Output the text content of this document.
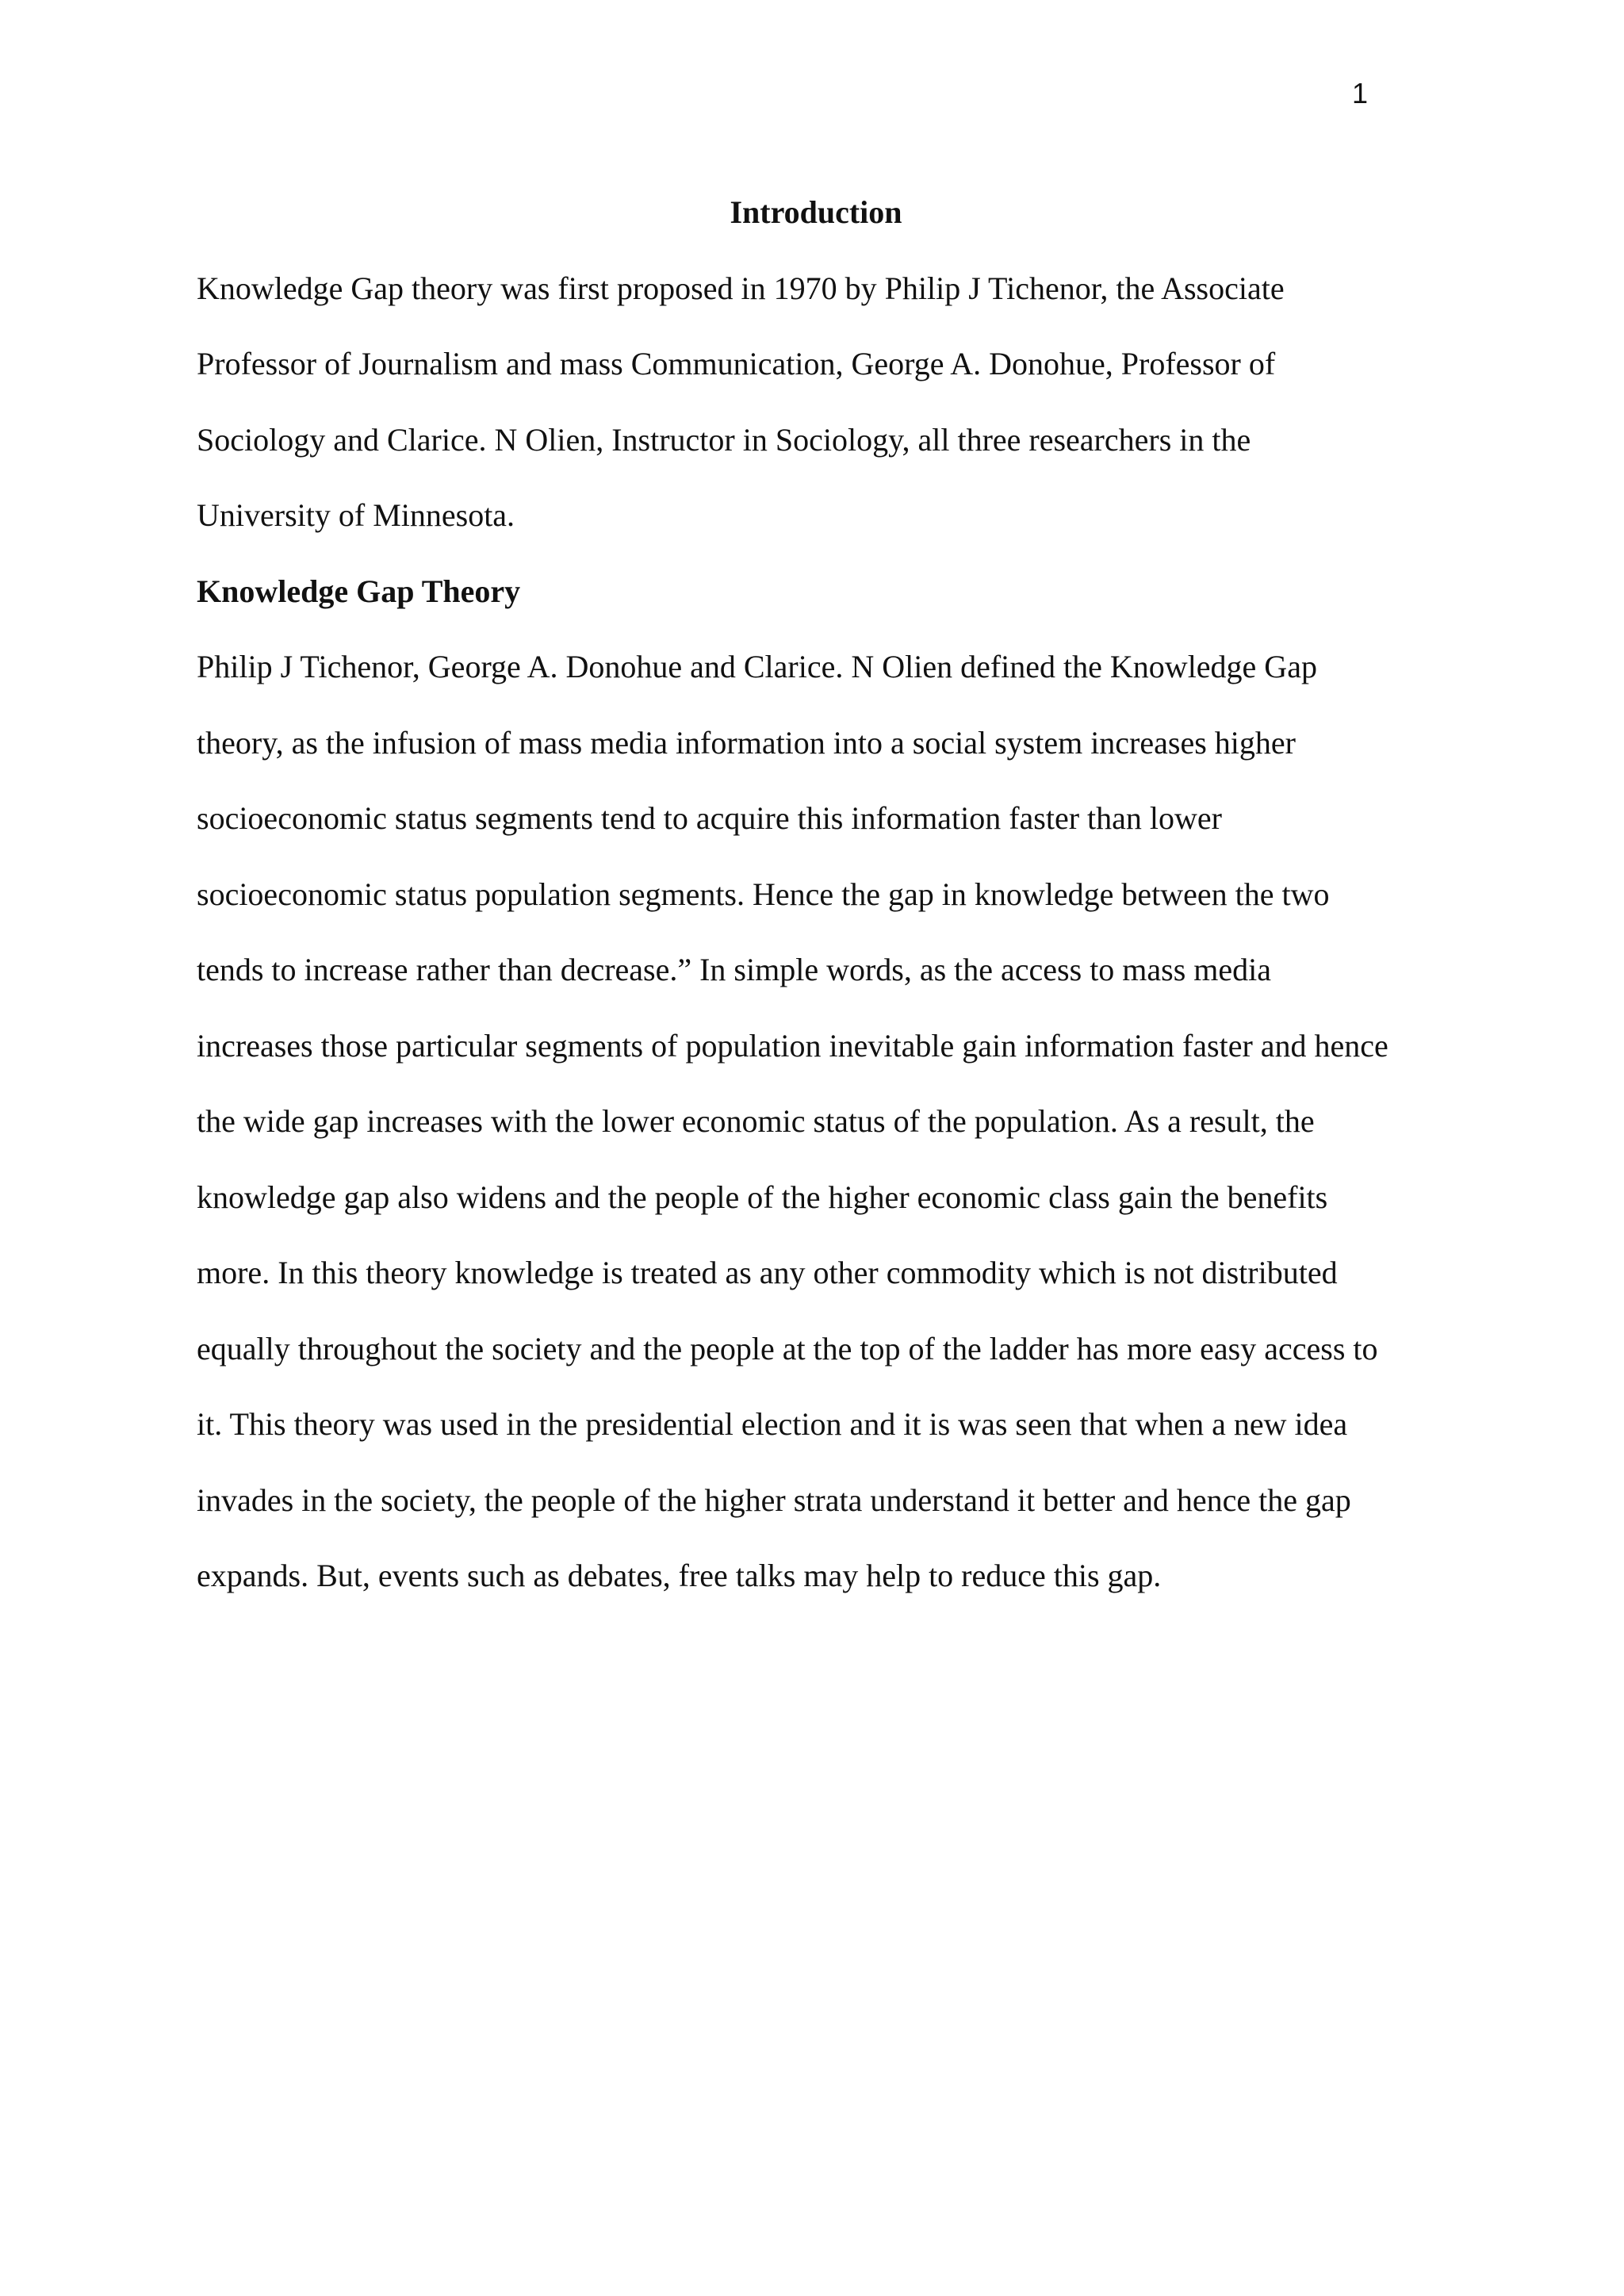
1
Introduction
Knowledge Gap theory was first proposed in 1970 by Philip J Tichenor, the Associate
Professor of Journalism and mass Communication, George A. Donohue, Professor of
Sociology and Clarice. N Olien, Instructor in Sociology, all three researchers in the
University of Minnesota.
Knowledge Gap Theory
Philip J Tichenor, George A. Donohue and Clarice. N Olien defined the Knowledge Gap
theory, as the infusion of mass media information into a social system increases higher
socioeconomic status segments tend to acquire this information faster than lower
socioeconomic status population segments. Hence the gap in knowledge between the two
tends to increase rather than decrease.” In simple words, as the access to mass media
increases those particular segments of population inevitable gain information faster and hence
the wide gap increases with the lower economic status of the population. As a result, the
knowledge gap also widens and the people of the higher economic class gain the benefits
more. In this theory knowledge is treated as any other commodity which is not distributed
equally throughout the society and the people at the top of the ladder has more easy access to
it. This theory was used in the presidential election and it is was seen that when a new idea
invades in the society, the people of the higher strata understand it better and hence the gap
expands. But, events such as debates, free talks may help to reduce this gap.
